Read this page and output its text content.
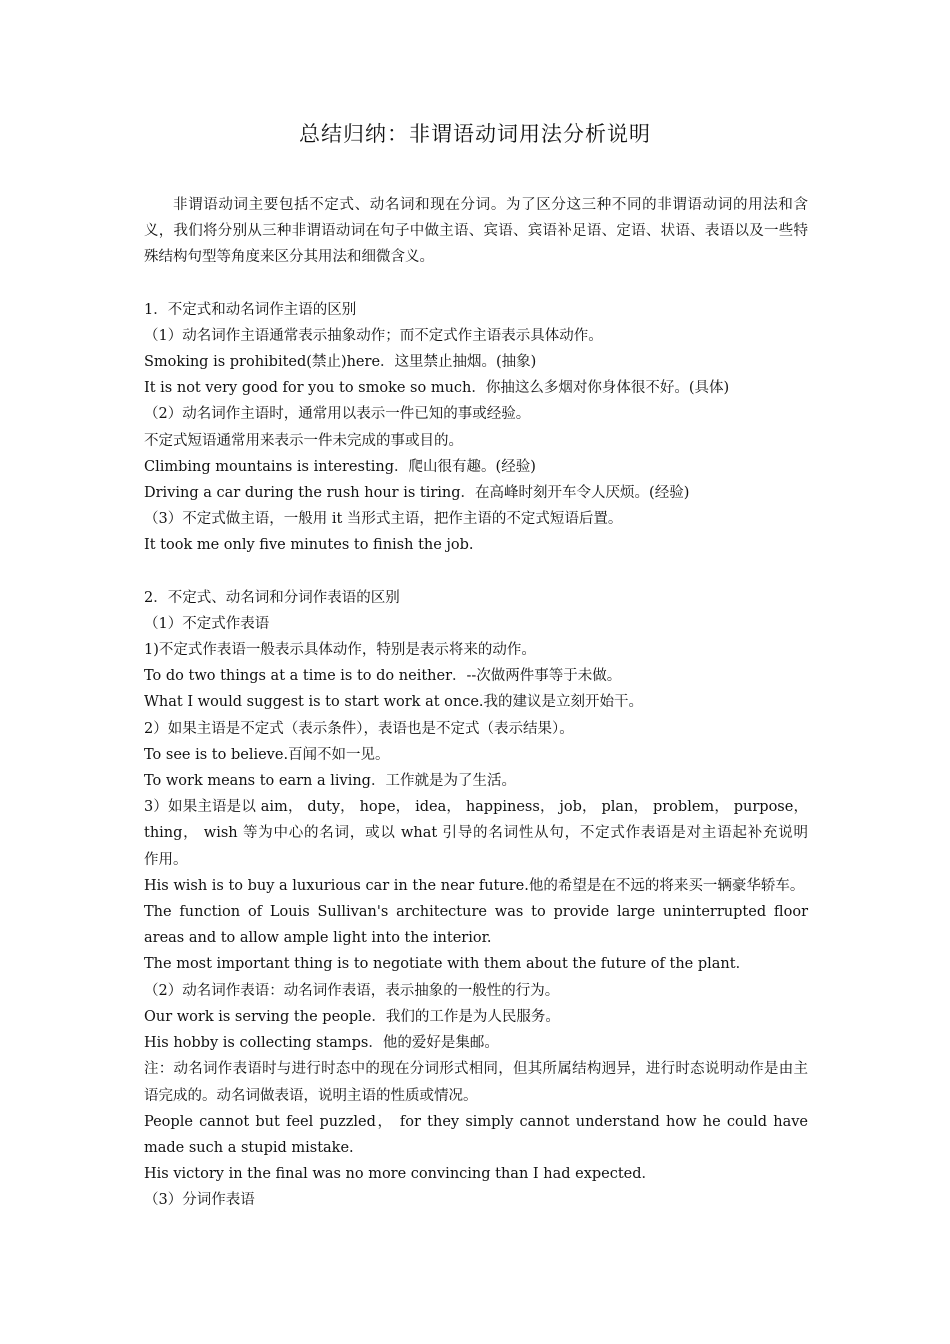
总结归纳：非谓语动词用法分析说明

非谓语动词主要包括不定式、动名词和现在分词。为了区分这三种不同的非谓语动词的用法和含义，我们将分别从三种非谓语动词在句子中做主语、宾语、宾语补足语、定语、状语、表语以及一些特殊结构句型等角度来区分其用法和细微含义。

1．不定式和动名词作主语的区别

（1）动名词作主语通常表示抽象动作；而不定式作主语表示具体动作。

Smoking is prohibited(禁止)here．这里禁止抽烟。(抽象)

It is not very good for you to smoke so much．你抽这么多烟对你身体很不好。(具体)

（2）动名词作主语时，通常用以表示一件已知的事或经验。

不定式短语通常用来表示一件未完成的事或目的。

Climbing mountains is interesting．爬山很有趣。(经验)

Driving a car during the rush hour is tiring．在高峰时刻开车令人厌烦。(经验)

（3）不定式做主语，一般用 it 当形式主语，把作主语的不定式短语后置。

It took me only five minutes to finish the job.

2．不定式、动名词和分词作表语的区别

（1）不定式作表语

1)不定式作表语一般表示具体动作，特别是表示将来的动作。

To do two things at a time is to do neither．--次做两件事等于未做。

What I would suggest is to start work at once.我的建议是立刻开始干。

2）如果主语是不定式（表示条件），表语也是不定式（表示结果）。

To see is to believe.百闻不如一见。

To work means to earn a living．工作就是为了生活。

3）如果主语是以 aim， duty， hope， idea， happiness， job， plan， problem， purpose， thing， wish 等为中心的名词，或以 what 引导的名词性从句，不定式作表语是对主语起补充说明　　作用。

His wish is to buy a luxurious car in the near future.他的希望是在不远的将来买一辆豪华轿车。

The function of Louis Sullivan's architecture was to provide large uninterrupted floor areas and to allow ample light into the interior.

The most important thing is to negotiate with them about the future of the plant．

（2）动名词作表语：动名词作表语，表示抽象的一般性的行为。

Our work is serving the people．我们的工作是为人民服务。

His hobby is collecting stamps．他的爱好是集邮。

注：动名词作表语时与进行时态中的现在分词形式相同，但其所属结构迥异，进行时态说明动作是由主语完成的。动名词做表语，说明主语的性质或情况。

People cannot but feel puzzled， for they simply cannot understand how he could have made such a stupid mistake.

His victory in the final was no more convincing than I had expected．

（3）分词作表语
